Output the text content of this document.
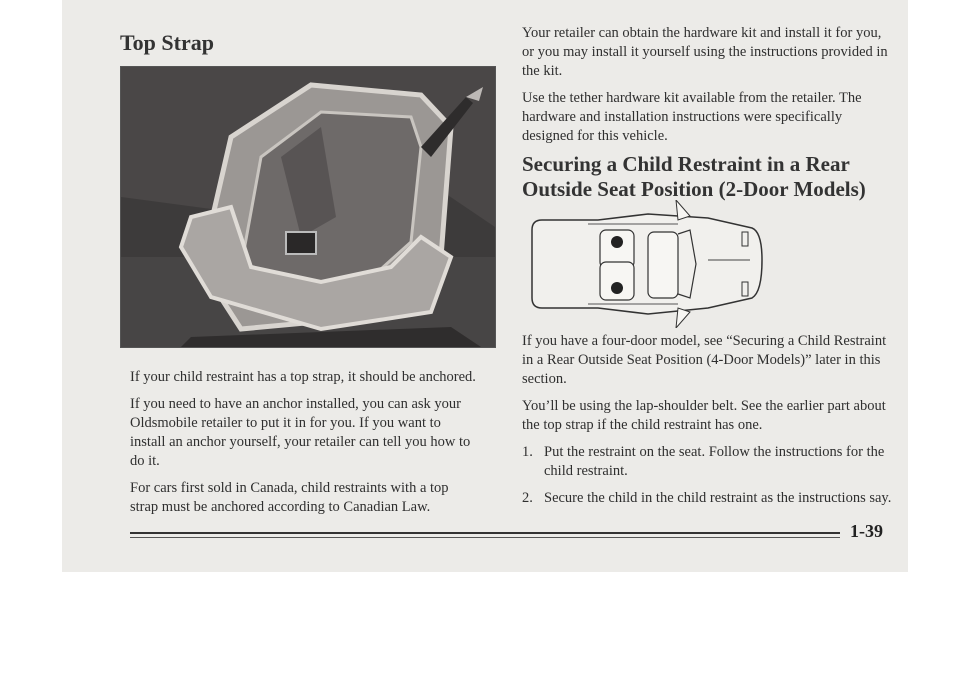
Top Strap

If your child restraint has a top strap, it should be anchored.

If you need to have an anchor installed, you can ask your Oldsmobile retailer to put it in for you. If you want to install an anchor yourself, your retailer can tell you how to do it.

For cars first sold in Canada, child restraints with a top strap must be anchored according to Canadian Law.

Your retailer can obtain the hardware kit and install it for you, or you may install it yourself using the instructions provided in the kit.

Use the tether hardware kit available from the retailer. The hardware and installation instructions were specifically designed for this vehicle.

Securing a Child Restraint in a Rear Outside Seat Position (2-Door Models)

If you have a four-door model, see “Securing a Child Restraint in a Rear Outside Seat Position (4-Door Models)” later in this section.

You’ll be using the lap-shoulder belt. See the earlier part about the top strap if the child restraint has one.

1. Put the restraint on the seat. Follow the instructions for the child restraint.
2. Secure the child in the child restraint as the instructions say.
1-39
